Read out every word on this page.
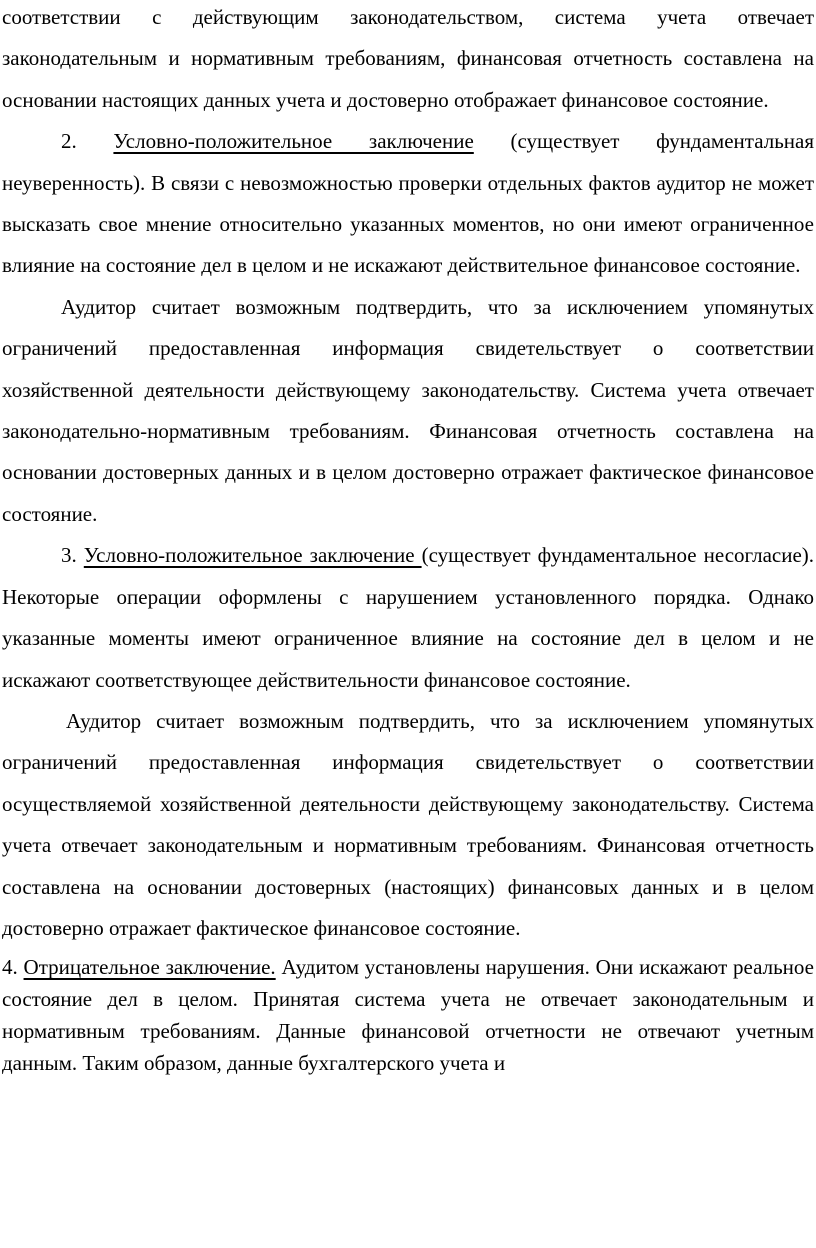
соответствии с действующим законодательством, система учета отвечает законодательным и нормативным требованиям, финансовая отчетность составлена на основании настоящих данных учета и достоверно отображает финансовое состояние.

2. Условно-положительное заключение (существует фундаментальная неуверенность). В связи с невозможностью проверки отдельных фактов аудитор не может высказать свое мнение относительно указанных моментов, но они имеют ограниченное влияние на состояние дел в целом и не искажают действительное финансовое состояние.

Аудитор считает возможным подтвердить, что за исключением упомянутых ограничений предоставленная информация свидетельствует о соответствии хозяйственной деятельности действующему законодательству. Система учета отвечает законодательно-нормативным требованиям. Финансовая отчетность составлена на основании достоверных данных и в целом достоверно отражает фактическое финансовое состояние.

3. Условно-положительное заключение (существует фундаментальное несогласие). Некоторые операции оформлены с нарушением установленного порядка. Однако указанные моменты имеют ограниченное влияние на состояние дел в целом и не искажают соответствующее действительности финансовое состояние.

Аудитор считает возможным подтвердить, что за исключением упомянутых ограничений предоставленная информация свидетельствует о соответствии осуществляемой хозяйственной деятельности действующему законодательству. Система учета отвечает законодательным и нормативным требованиям. Финансовая отчетность составлена на основании достоверных (настоящих) финансовых данных и в целом достоверно отражает фактическое финансовое состояние.

4. Отрицательное заключение. Аудитом установлены нарушения. Они искажают реальное состояние дел в целом. Принятая система учета не отвечает законодательным и нормативным требованиям. Данные финансовой отчетности не отвечают учетным данным. Таким образом, данные бухгалтерского учета и
